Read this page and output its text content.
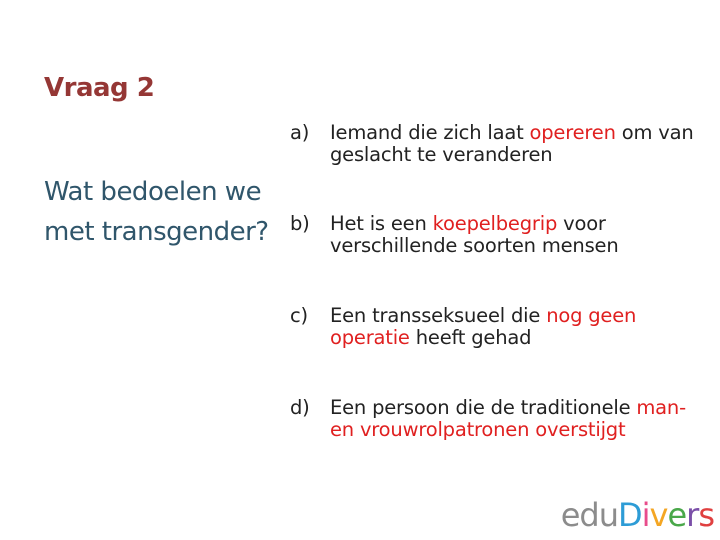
Vraag 2
Wat bedoelen we met transgender?
a) Iemand die zich laat opereren om van geslacht te veranderen
b) Het is een koepelbegrip voor verschillende soorten mensen
c) Een transseksueel die nog geen operatie heeft gehad
d) Een persoon die de traditionele man- en vrouwrolpatronen overstijgt
eduDivers
